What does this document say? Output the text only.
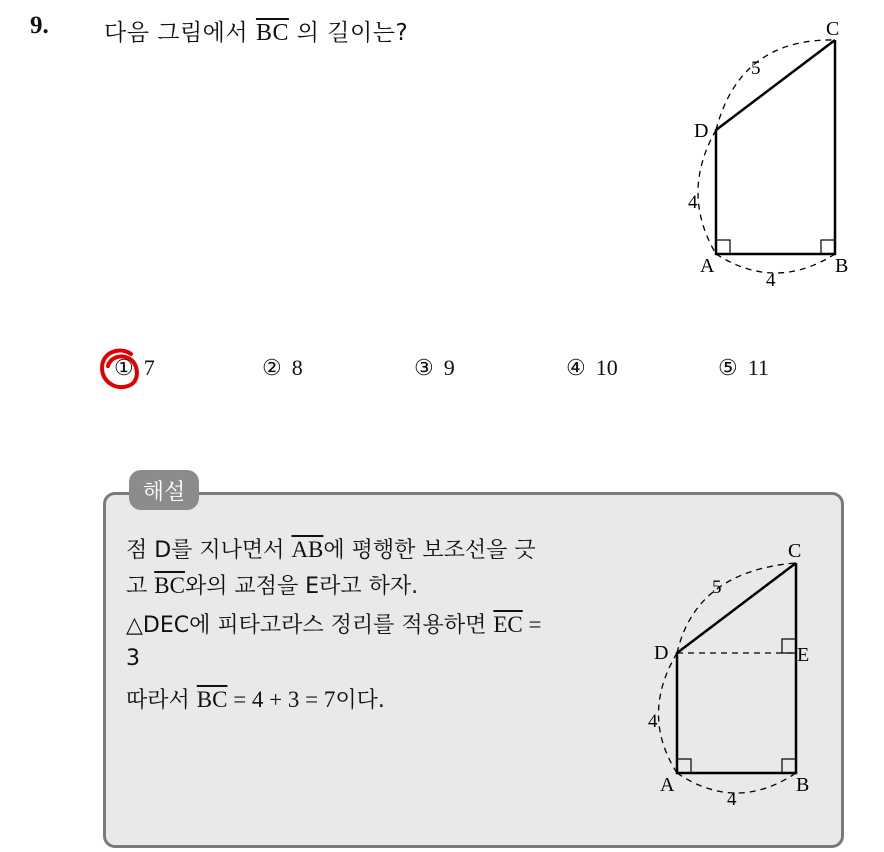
9. 다음 그림에서 $\overline{BC}$ 의 길이는?	C
D
A	B
5
4
4
① 7	② 8	③ 9	④ 10	⑤ 11
해설
점 D를 지나면서 $\overline{AB}$에 평행한 보조선을 긋
고 $\overline{BC}$와의 교점을 E라고 하자.
△DEC에 피타고라스 정리를 적용하면 $\overline{EC}$ =
3
따라서 $\overline{BC} = 4 + 3 = 7$이다.
C
D	E
A	B
5
4
4
